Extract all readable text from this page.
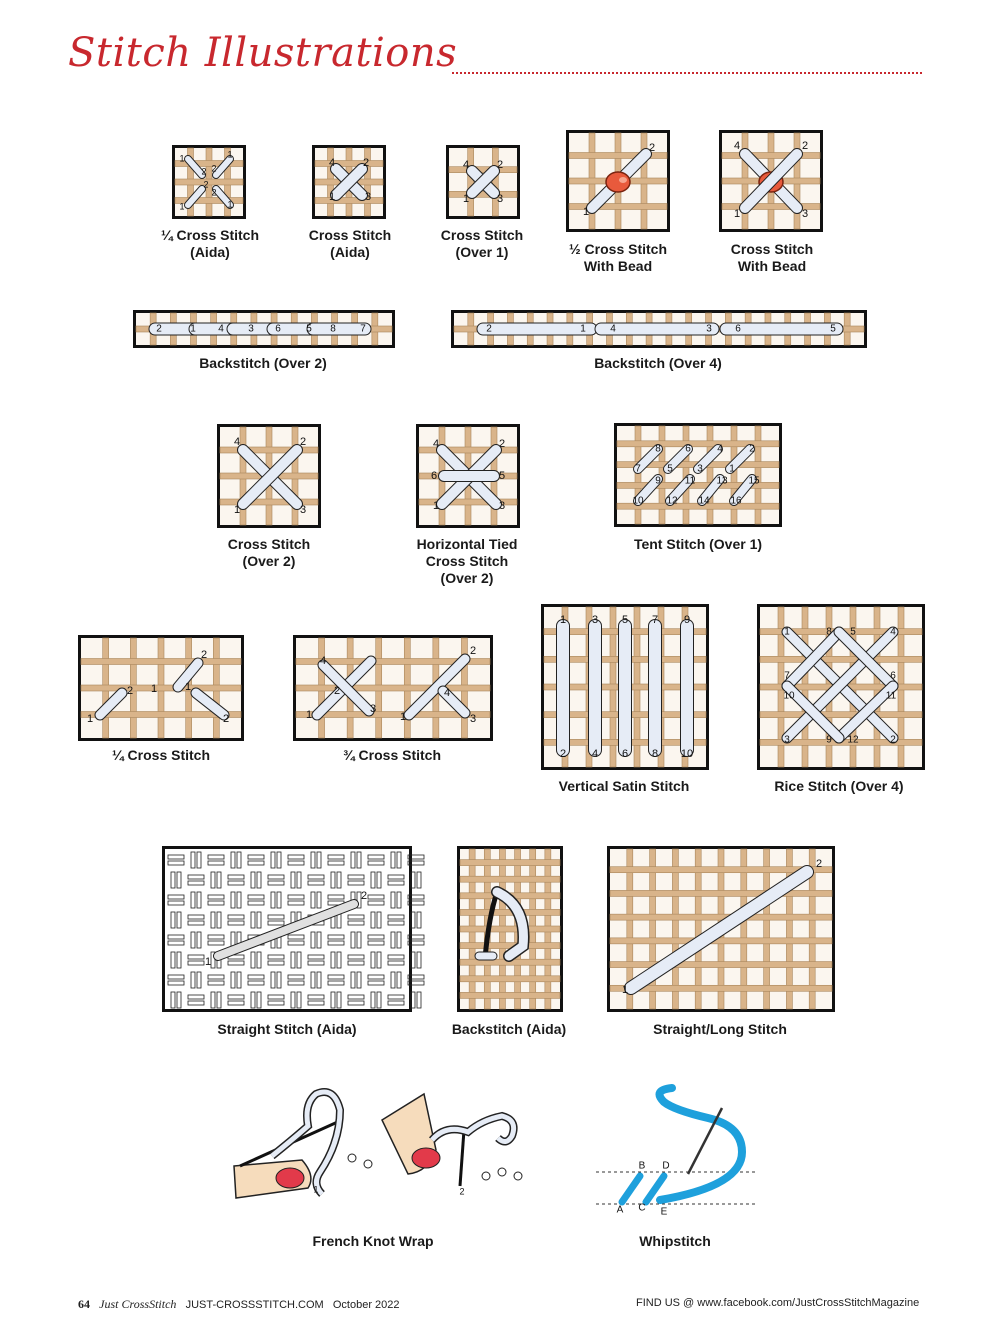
Stitch Illustrations
1
2
1
2
2
1	1
2
¼ Cross Stitch
(Aida)
4	2
1	3
Cross Stitch
(Aida)
4	2
1	3
Cross Stitch
(Over 1)
2
1
½ Cross Stitch
With Bead
4	2
1	3
Cross Stitch
With Bead
2	1 4 3 6	5 8 7
Backstitch (Over 2)
2	1 4	3 6	5
Backstitch (Over 4)
4	2
1	3
Cross Stitch
(Over 2)
4	2
6	5
1	3
Horizontal Tied
Cross Stitch
(Over 2)
8 6	4	2
7	5 3	1
9 11 13 15
10 12 14 16
Tent Stitch (Over 1)
2 1
2
1
1	2
¼ Cross Stitch
4
2
2	4
1	3
1	3
¾ Cross Stitch
1 3 5 7 9
2 4 6 8 10
Vertical Satin Stitch
1	8 5	4
7	6
10	11
3	9 12	2
Rice Stitch (Over 4)
2
1
Straight Stitch (Aida)	Backstitch (Aida)
2
1
Straight/Long Stitch
1	2
French Knot Wrap
B D
A C E
Whipstitch
64 Just CrossStitch JUST-CROSSSTITCH.COM October 2022	FIND US @ www.facebook.com/JustCrossStitchMagazine
